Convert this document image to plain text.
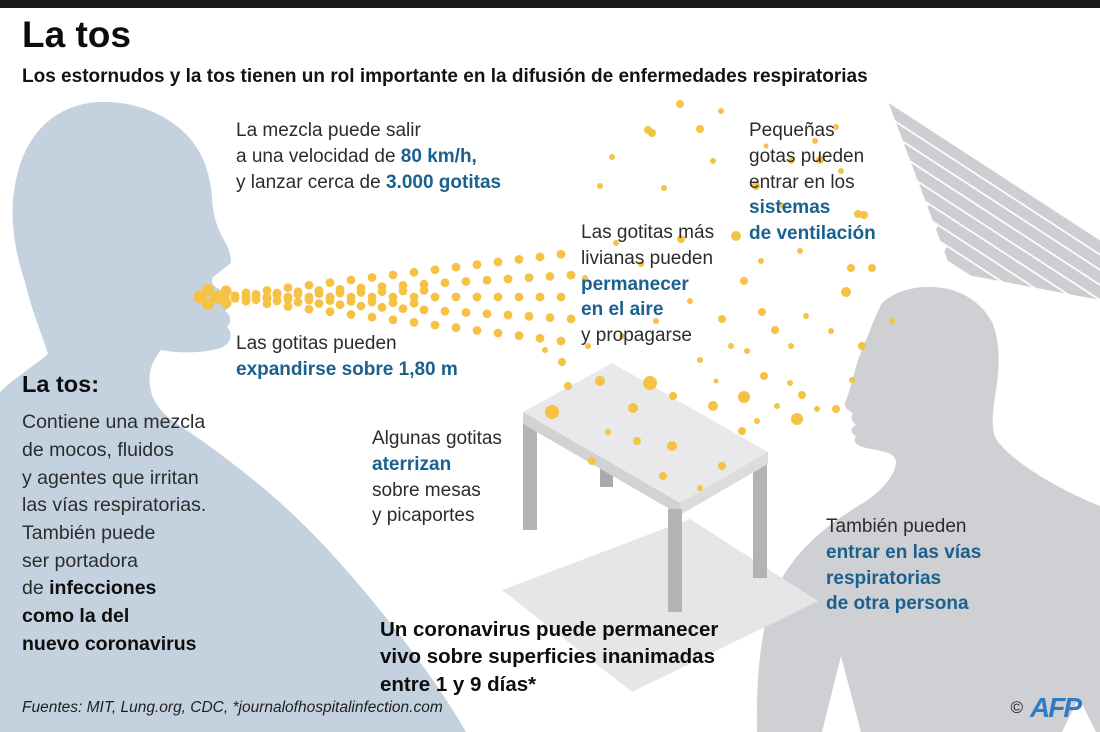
La tos
Los estornudos y la tos tienen un rol importante en la difusión de enfermedades respiratorias
La mezcla puede salir
a una velocidad de 80 km/h,
y lanzar cerca de 3.000 gotitas
Pequeñas
gotas pueden
entrar en los
sistemas
de ventilación
Las gotitas más
livianas pueden
permanecer
en el aire
y propagarse
Las gotitas pueden
expandirse sobre 1,80 m
La tos:
Contiene una mezcla
de mocos, fluidos
y agentes que irritan
las vías respiratorias.
También puede
ser portadora
de infecciones
como la del
nuevo coronavirus
Algunas gotitas
aterrizan
sobre mesas
y picaportes
También pueden
entrar en las vías
respiratorias
de otra persona
Un coronavirus puede permanecer
vivo sobre superficies inanimadas
entre 1 y 9 días*
Fuentes: MIT, Lung.org, CDC, *journalofhospitalinfection.com	© AFP
